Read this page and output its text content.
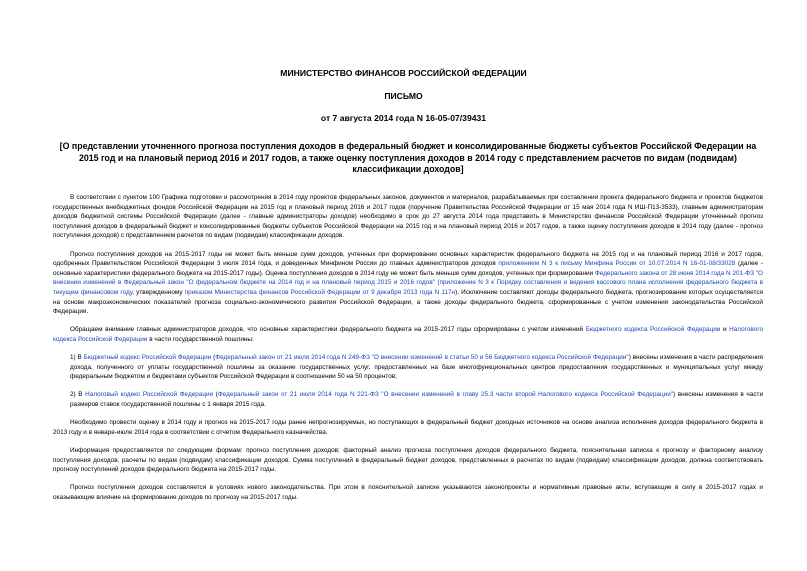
МИНИСТЕРСТВО ФИНАНСОВ РОССИЙСКОЙ ФЕДЕРАЦИИ
ПИСЬМО
от 7 августа 2014 года N 16-05-07/39431
[О представлении уточненного прогноза поступления доходов в федеральный бюджет и консолидированные бюджеты субъектов Российской Федерации на 2015 год и на плановый период 2016 и 2017 годов, а также оценку поступления доходов в 2014 году с представлением расчетов по видам (подвидам) классификации доходов]

В соответствии с пунктом 100 Графика подготовки и рассмотрения в 2014 году проектов федеральных законов, документов и материалов, разрабатываемых при составлении проекта федерального бюджета и проектов бюджетов государственных внебюджетных фондов Российской Федерации на 2015 год и плановый период 2016 и 2017 годов (поручение Правительства Российской Федерации от 15 мая 2014 года N ИШ-П13-3533), главным администраторам доходов бюджетной системы Российской Федерации (далее - главные администраторы доходов) необходимо в срок до 27 августа 2014 года представить в Министерство финансов Российской Федерации уточненный прогноз поступления доходов в федеральный бюджет и консолидированные бюджеты субъектов Российской Федерации на 2015 год и на плановый период 2016 и 2017 годов, а также оценку поступления доходов в 2014 году (далее - прогноз поступления доходов) с представлением расчетов по видам (подвидам) классификации доходов.

Прогноз поступления доходов на 2015-2017 годы не может быть меньше сумм доходов, учтенных при формировании основных характеристик федерального бюджета на 2015 год и на плановый период 2016 и 2017 годов, одобренных Правительством Российской Федерации 3 июля 2014 года, и доведенных Минфином России до главных администраторов доходов приложением N 3 к письму Минфина России от 10.07.2014 N 16-01-08/33028 (далее - основные характеристики федерального бюджета на 2015-2017 годы). Оценка поступления доходов в 2014 году не может быть меньше сумм доходов, учтенных при формировании Федерального закона от 28 июня 2014 года N 201-ФЗ "О внесении изменений в Федеральный закон "О федеральном бюджете на 2014 год и на плановый период 2015 и 2016 годов" (приложение N 3 к Порядку составления и ведения кассового плана исполнения федерального бюджета в текущем финансовом году, утвержденному приказом Министерства финансов Российской Федерации от 9 декабря 2013 года N 117н). Исключение составляют доходы федерального бюджета, прогнозирование которых осуществляется на основе макроэкономических показателей прогноза социально-экономического развития Российской Федерации, а также доходы федерального бюджета, сформированные с учетом изменения законодательства Российской Федерации.

Обращаем внимание главных администраторов доходов, что основные характеристики федерального бюджета на 2015-2017 годы сформированы с учетом изменений Бюджетного кодекса Российской Федерации и Налогового кодекса Российской Федерации в части государственной пошлины:

1) В Бюджетный кодекс Российской Федерации (Федеральный закон от 21 июля 2014 года N 249-ФЗ "О внесении изменений в статьи 50 и 56 Бюджетного кодекса Российской Федерации") внесены изменения в части распределения дохода, полученного от уплаты государственной пошлины за оказание государственных услуг, предоставленных на базе многофункциональных центров предоставления государственных и муниципальных услуг между федеральным бюджетом и бюджетами субъектов Российской Федерации в соотношении 50 на 50 процентов;

2) В Налоговый кодекс Российской Федерации (Федеральный закон от 21 июля 2014 года N 221-ФЗ "О внесении изменений в главу 25.3 части второй Налогового кодекса Российской Федерации") внесены изменения в части размеров ставок государственной пошлины с 1 января 2015 года.

Необходимо провести оценку в 2014 году и прогноз на 2015-2017 годы ранее непрогнозируемых, но поступающих в федеральный бюджет доходных источников на основе анализа исполнения доходов федерального бюджета в 2013 году и в январе-июле 2014 года в соответствии с отчетом Федерального казначейства.

Информация предоставляется по следующим формам: прогноз поступления доходов; факторный анализ прогноза поступления доходов федерального бюджета, пояснительная записка к прогнозу и факторному анализу поступления доходов, расчеты по видам (подвидам) классификации доходов. Сумма поступлений в федеральный бюджет доходов, представленных в расчетах по видам (подвидам) классификации доходов, должна соответствовать прогнозу поступлений доходов федерального бюджета на 2015-2017 годы.

Прогноз поступления доходов составляется в условиях нового законодательства. При этом в пояснительной записке указываются законопроекты и нормативные правовые акты, вступающие в силу в 2015-2017 годах и оказывающие влияние на формирование доходов по прогнозу на 2015-2017 годы.
